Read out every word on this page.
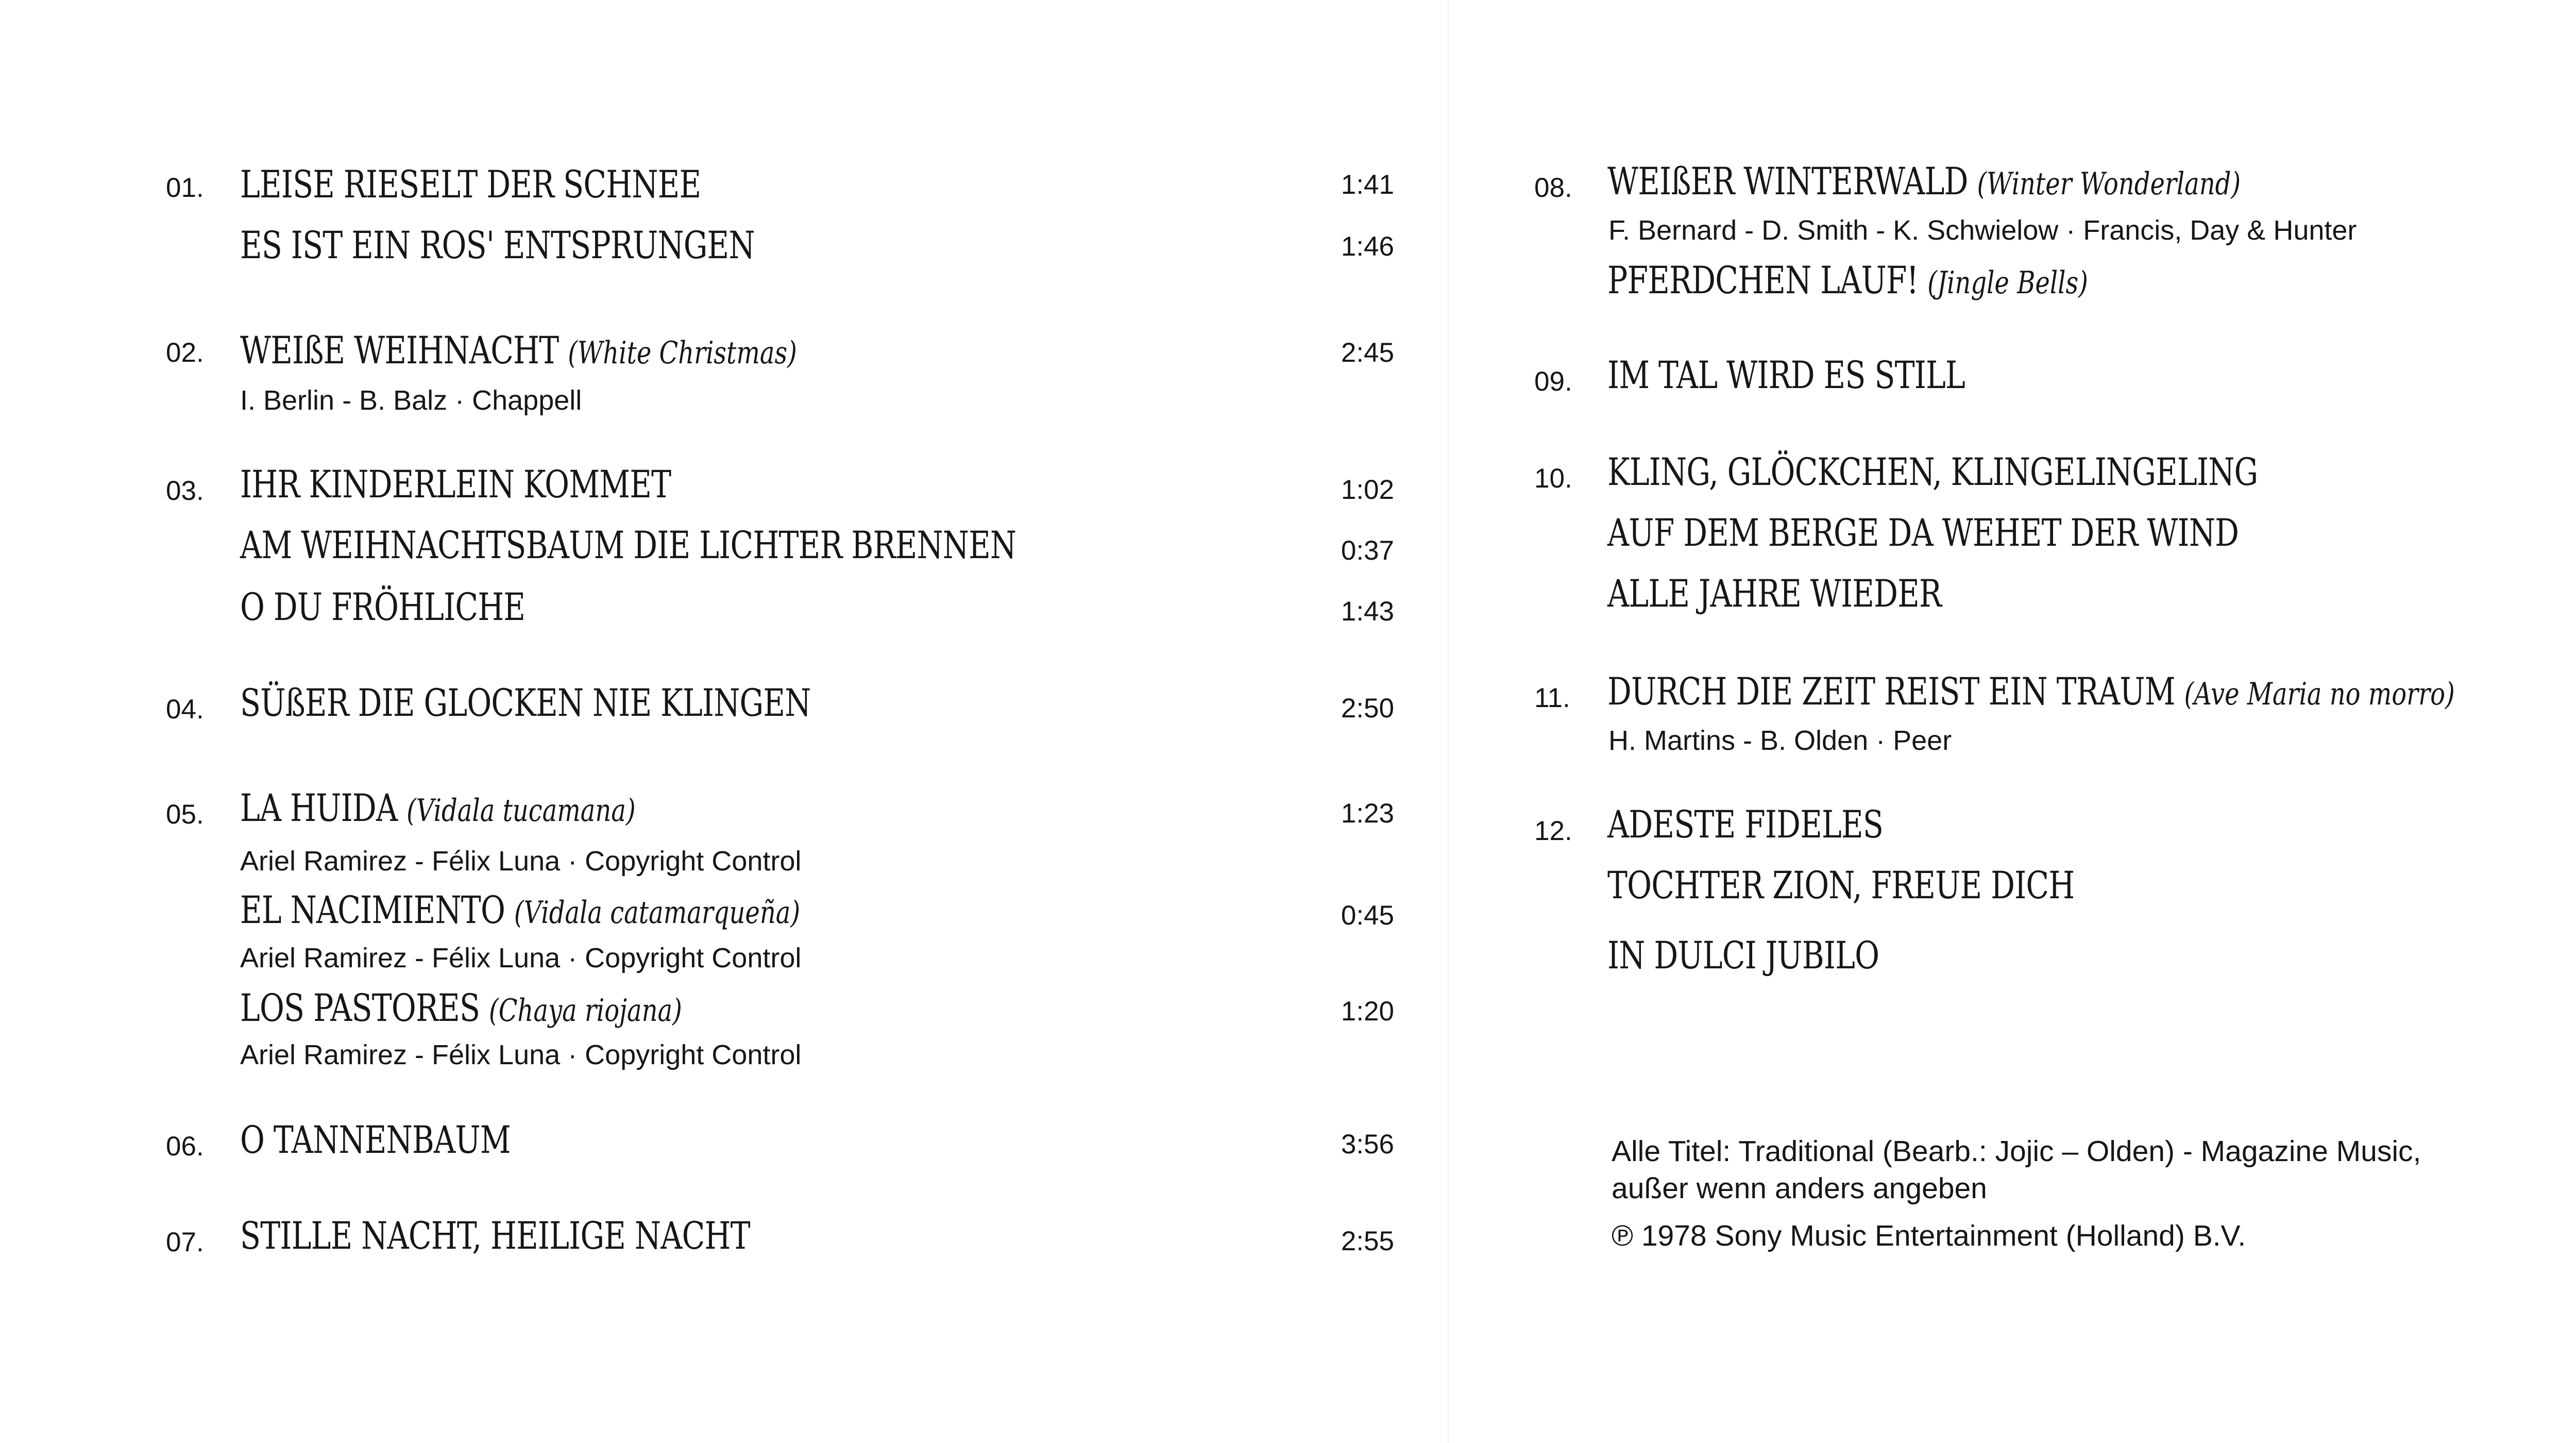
01. LEISE RIESELT DER SCHNEE	1:41
ES IST EIN ROS' ENTSPRUNGEN	1:46
02. WEIßE WEIHNACHT (White Christmas)	2:45
I. Berlin - B. Balz · Chappell
03. IHR KINDERLEIN KOMMET	1:02
AM WEIHNACHTSBAUM DIE LICHTER BRENNEN	0:37
O DU FRÖHLICHE	1:43
04. SÜßER DIE GLOCKEN NIE KLINGEN	2:50
05. LA HUIDA (Vidala tucamana)	1:23
Ariel Ramirez - Félix Luna · Copyright Control
EL NACIMIENTO (Vidala catamarqueña)	0:45
Ariel Ramirez - Félix Luna · Copyright Control
LOS PASTORES (Chaya riojana)	1:20
Ariel Ramirez - Félix Luna · Copyright Control
06. O TANNENBAUM	3:56
07. STILLE NACHT, HEILIGE NACHT	2:55
08. WEIßER WINTERWALD (Winter Wonderland)
F. Bernard - D. Smith - K. Schwielow · Francis, Day & Hunter
PFERDCHEN LAUF! (Jingle Bells)
09. IM TAL WIRD ES STILL
10. KLING, GLÖCKCHEN, KLINGELINGELING
AUF DEM BERGE DA WEHET DER WIND
ALLE JAHRE WIEDER
11. DURCH DIE ZEIT REIST EIN TRAUM (Ave Maria no morro)
H. Martins - B. Olden · Peer
12. ADESTE FIDELES
TOCHTER ZION, FREUE DICH
IN DULCI JUBILO
Alle Titel: Traditional (Bearb.: Jojic – Olden) - Magazine Music,
außer wenn anders angeben
℗ 1978 Sony Music Entertainment (Holland) B.V.
